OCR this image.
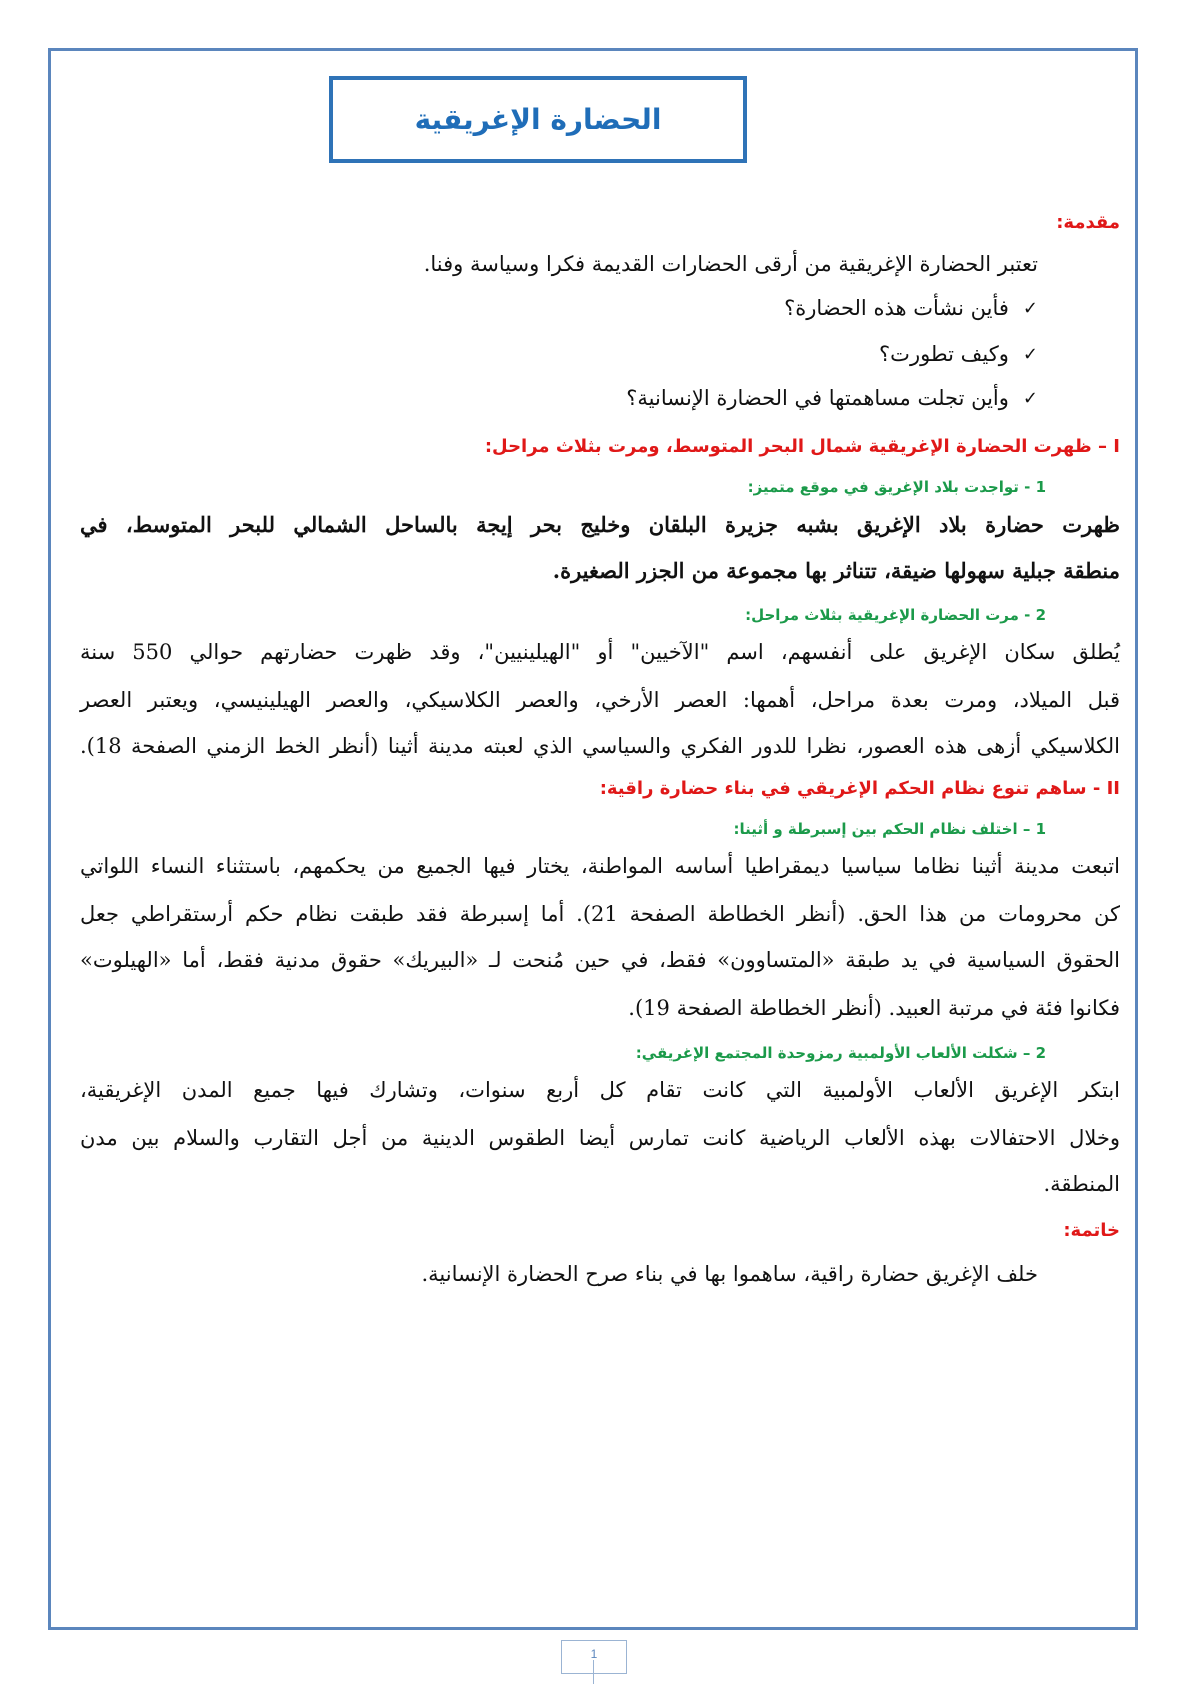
الحضارة الإغريقية
مقدمة:
تعتبر الحضارة الإغريقية من أرقى الحضارات القديمة فكرا وسياسة وفنا.
✓
فأين نشأت هذه الحضارة؟
✓
وكيف تطورت؟
✓
وأين تجلت مساهمتها في الحضارة الإنسانية؟
I – ظهرت الحضارة الإغريقية شمال البحر المتوسط، ومرت بثلاث مراحل:
1 - تواجدت بلاد الإغريق في موقع متميز:
ظهرت حضارة بلاد الإغريق بشبه جزيرة البلقان وخليج بحر إيجة بالساحل الشمالي للبحر المتوسط، في
منطقة جبلية سهولها ضيقة، تتناثر بها مجموعة من الجزر الصغيرة.
2 - مرت الحضارة الإغريقية بثلاث مراحل:
يُطلق سكان الإغريق على أنفسهم، اسم "الآخيين" أو "الهيلينيين"، وقد ظهرت حضارتهم حوالي 550 سنة
قبل الميلاد، ومرت بعدة مراحل، أهمها: العصر الأرخي، والعصر الكلاسيكي، والعصر الهيلينيسي، ويعتبر العصر
الكلاسيكي أزهى هذه العصور، نظرا للدور الفكري والسياسي الذي لعبته مدينة أثينا (أنظر الخط الزمني الصفحة 18).
II - ساهم تنوع نظام الحكم الإغريقي في بناء حضارة راقية:
1 – اختلف نظام الحكم بين إسبرطة و أثينا:
اتبعت مدينة أثينا نظاما سياسيا ديمقراطيا أساسه المواطنة، يختار فيها الجميع من يحكمهم، باستثناء النساء اللواتي
كن محرومات من هذا الحق. (أنظر الخطاطة الصفحة 21). أما إسبرطة فقد طبقت نظام حكم أرستقراطي جعل
الحقوق السياسية في يد طبقة «المتساوون» فقط، في حين مُنحت لـ «البيريك» حقوق مدنية فقط، أما «الهيلوت»
فكانوا فئة في مرتبة العبيد. (أنظر الخطاطة الصفحة 19).
2 – شكلت الألعاب الأولمبية رمزوحدة المجتمع الإغريقي:
ابتكر الإغريق الألعاب الأولمبية التي كانت تقام كل أربع سنوات، وتشارك فيها جميع المدن الإغريقية،
وخلال الاحتفالات بهذه الألعاب الرياضية كانت تمارس أيضا الطقوس الدينية من أجل التقارب والسلام بين مدن
المنطقة.
خاتمة:
خلف الإغريق حضارة راقية، ساهموا بها في بناء صرح الحضارة الإنسانية.
1
